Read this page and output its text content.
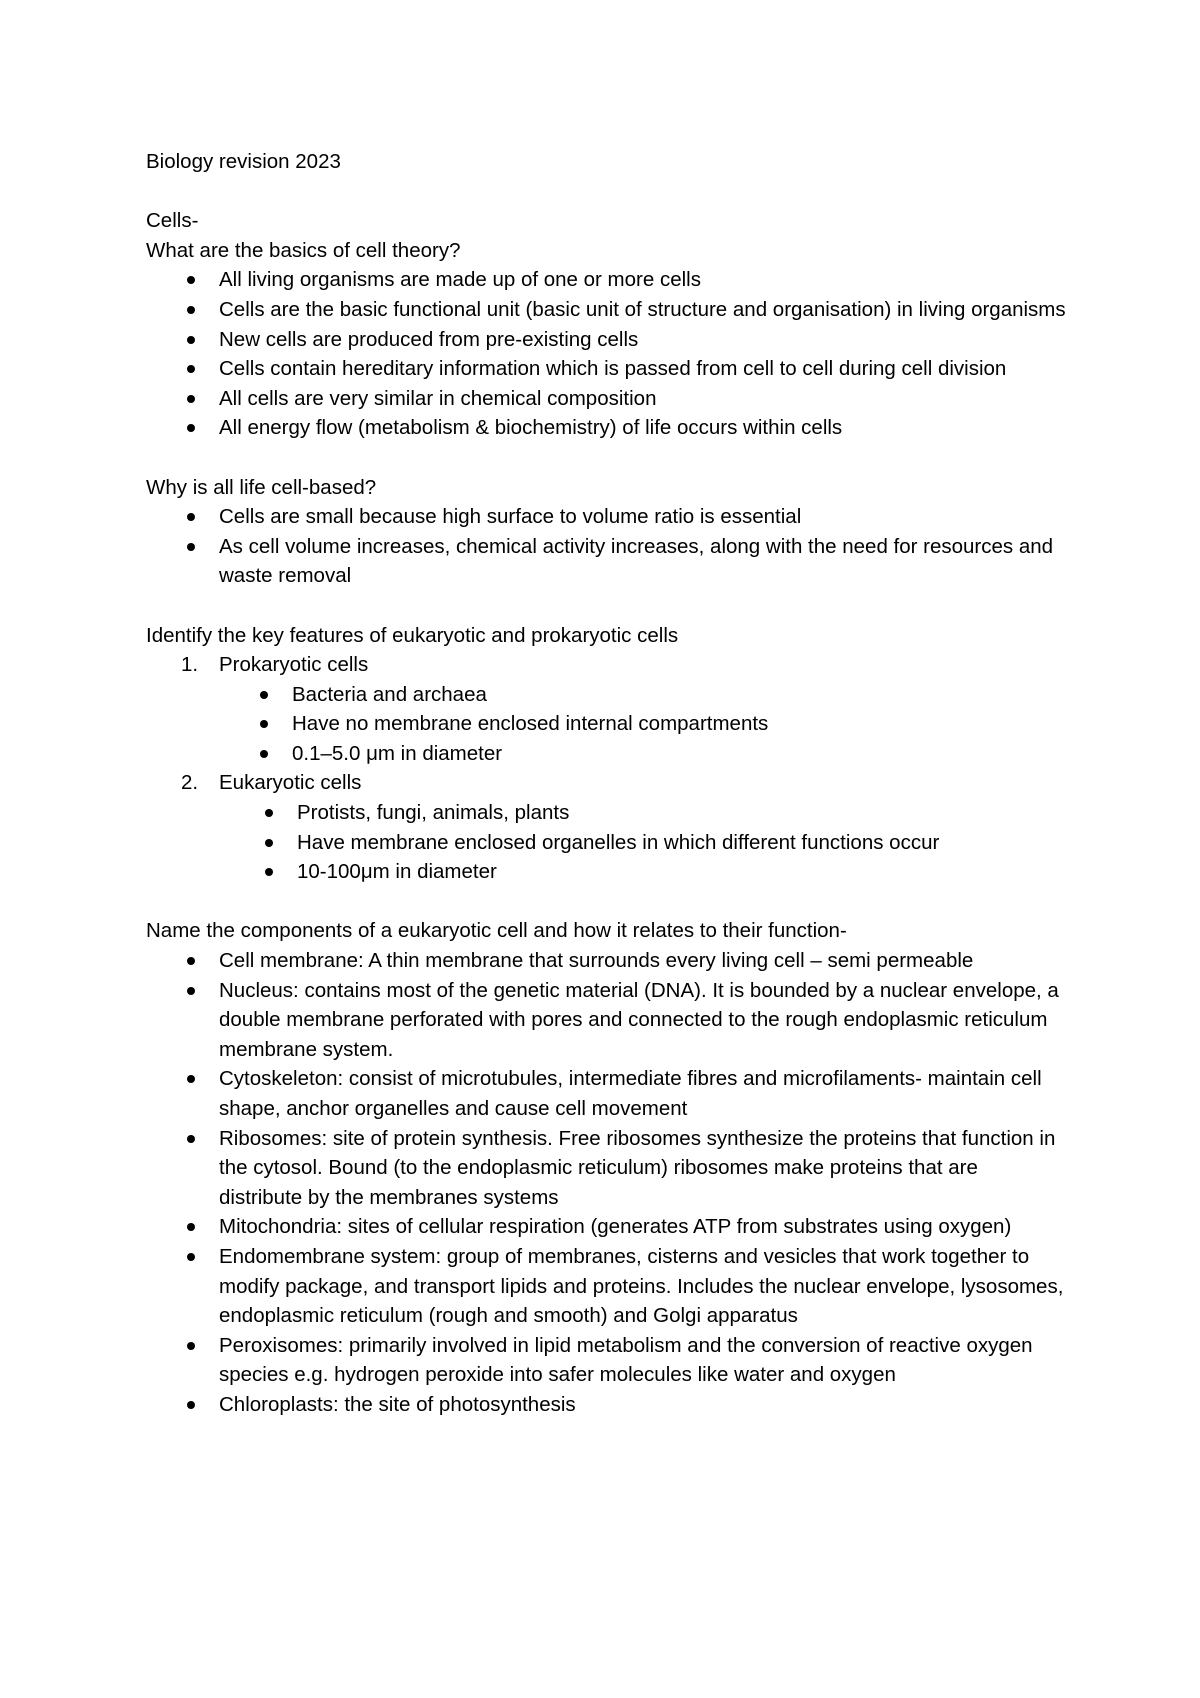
Biology revision 2023

Cells-

What are the basics of cell theory?

All living organisms are made up of one or more cells
Cells are the basic functional unit (basic unit of structure and organisation) in living organisms
New cells are produced from pre-existing cells
Cells contain hereditary information which is passed from cell to cell during cell division
All cells are very similar in chemical composition
All energy flow (metabolism & biochemistry) of life occurs within cells

Why is all life cell-based?

Cells are small because high surface to volume ratio is essential
As cell volume increases, chemical activity increases, along with the need for resources and waste removal

Identify the key features of eukaryotic and prokaryotic cells

1. Prokaryotic cells
Bacteria and archaea
Have no membrane enclosed internal compartments
0.1–5.0 μm in diameter
2. Eukaryotic cells
Protists, fungi, animals, plants
Have membrane enclosed organelles in which different functions occur
10-100μm in diameter

Name the components of a eukaryotic cell and how it relates to their function-

Cell membrane: A thin membrane that surrounds every living cell – semi permeable
Nucleus: contains most of the genetic material (DNA). It is bounded by a nuclear envelope, a double membrane perforated with pores and connected to the rough endoplasmic reticulum membrane system.
Cytoskeleton: consist of microtubules, intermediate fibres and microfilaments- maintain cell shape, anchor organelles and cause cell movement
Ribosomes: site of protein synthesis. Free ribosomes synthesize the proteins that function in the cytosol. Bound (to the endoplasmic reticulum) ribosomes make proteins that are distribute by the membranes systems
Mitochondria: sites of cellular respiration (generates ATP from substrates using oxygen)
Endomembrane system: group of membranes, cisterns and vesicles that work together to modify package, and transport lipids and proteins. Includes the nuclear envelope, lysosomes, endoplasmic reticulum (rough and smooth) and Golgi apparatus
Peroxisomes: primarily involved in lipid metabolism and the conversion of reactive oxygen species e.g. hydrogen peroxide into safer molecules like water and oxygen
Chloroplasts: the site of photosynthesis
